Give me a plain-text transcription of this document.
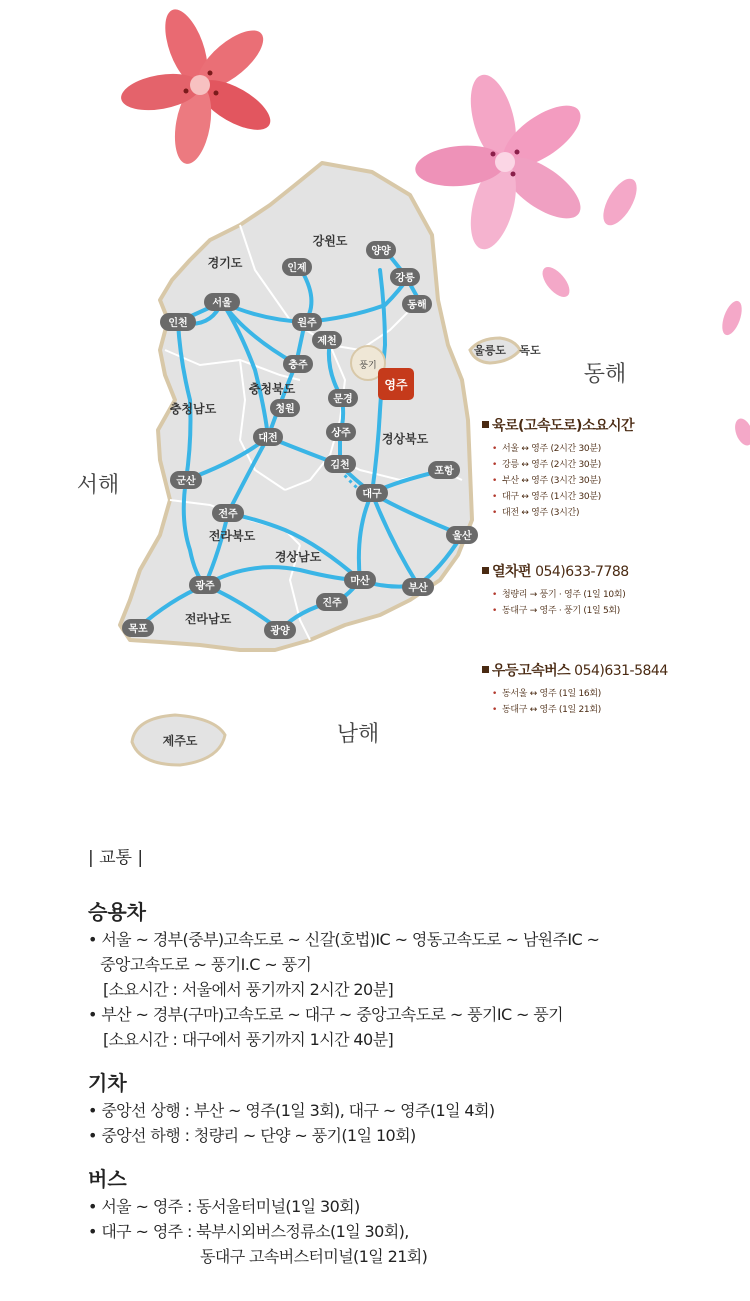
강원도
경기도
충청북도
충청남도
경상북도
전라북도
경상남도
전라남도
양양
강릉
동해
인제
서울
인천	원주
제천
충주
문경
청원
상주
대전
김천
포항
대구
군산
전주
울산
마산
부산
광주
진주
목포	광양
풍기
영주
울릉도 독도
제주도
동해
서해
남해
육로(고속도로)소요시간
• 서울 ↔ 영주 (2시간 30분)
• 강릉 ↔ 영주 (2시간 30분)
• 부산 ↔ 영주 (3시간 30분)
• 대구 ↔ 영주 (1시간 30분)
• 대전 ↔ 영주 (3시간)
열차편 054)633-7788
• 청량리 → 풍기 · 영주 (1일 10회)
• 동대구 → 영주 · 풍기 (1일 5회)
우등고속버스 054)631-5844
• 동서울 ↔ 영주 (1일 16회)
• 동대구 ↔ 영주 (1일 21회)
| 교통 |
승용차
• 서울 ~ 경부(중부)고속도로 ~ 신갈(호법)IC ~ 영동고속도로 ~ 남원주IC ~
중앙고속도로 ~ 풍기I.C ~ 풍기
[소요시간 : 서울에서 풍기까지 2시간 20분]
• 부산 ~ 경부(구마)고속도로 ~ 대구 ~ 중앙고속도로 ~ 풍기IC ~ 풍기
[소요시간 : 대구에서 풍기까지 1시간 40분]
기차
• 중앙선 상행 : 부산 ~ 영주(1일 3회), 대구 ~ 영주(1일 4회)
• 중앙선 하행 : 청량리 ~ 단양 ~ 풍기(1일 10회)
버스
• 서울 ~ 영주 : 동서울터미널(1일 30회)
• 대구 ~ 영주 : 북부시외버스정류소(1일 30회),
동대구 고속버스터미널(1일 21회)
